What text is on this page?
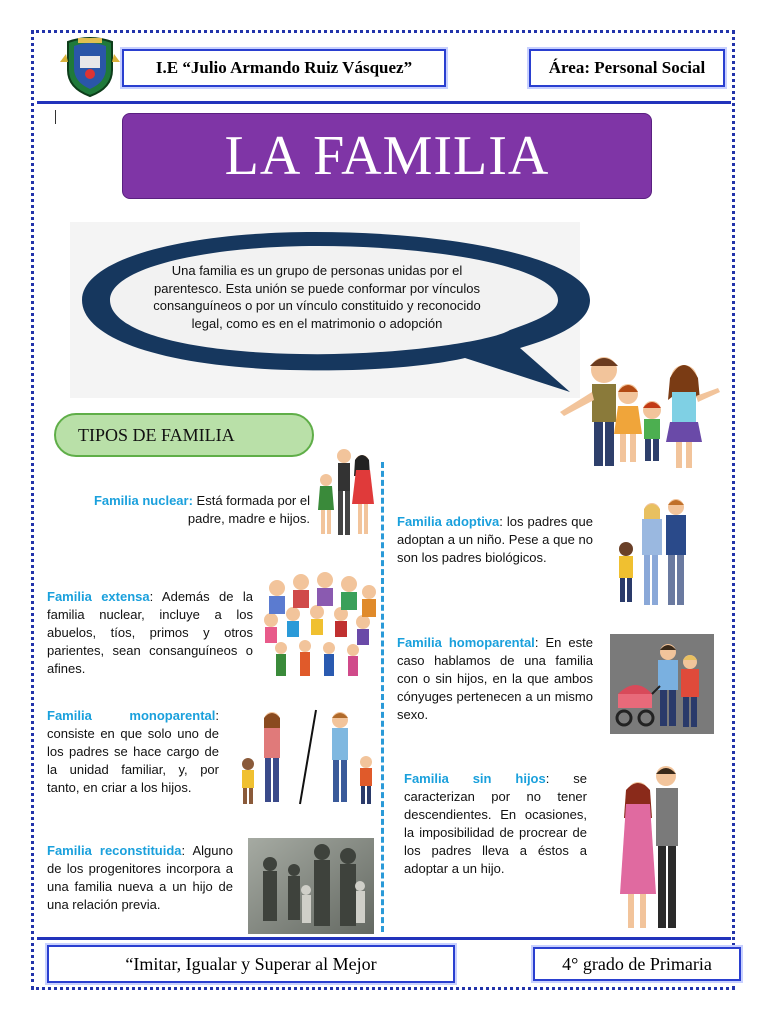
I.E “Julio Armando Ruiz Vásquez”	Área: Personal Social
LA FAMILIA
Una familia es un grupo de personas unidas por el parentesco. Esta unión se puede conformar por vínculos consanguíneos o por un vínculo constituido y reconocido legal, como es en el matrimonio o adopción
TIPOS DE FAMILIA
Familia nuclear: Está formada por el padre, madre e hijos.
Familia extensa: Además de la familia nuclear, incluye a los abuelos, tíos, primos y otros parientes, sean consanguíneos o afines.
Familia monoparental: consiste en que solo uno de los padres se hace cargo de la unidad familiar, y, por tanto, en criar a los hijos.
Familia reconstituida: Alguno de los progenitores incorpora a una familia nueva a un hijo de una relación previa.
Familia adoptiva: los padres que adoptan a un niño. Pese a que no son los padres biológicos.
Familia homoparental: En este caso hablamos de una familia con o sin hijos, en la que ambos cónyuges pertenecen a un mismo sexo.
Familia sin hijos: se caracterizan por no tener descendientes. En ocasiones, la imposibilidad de procrear de los padres lleva a éstos a adoptar a un hijo.
“Imitar, Igualar y Superar al Mejor	4° grado de Primaria
